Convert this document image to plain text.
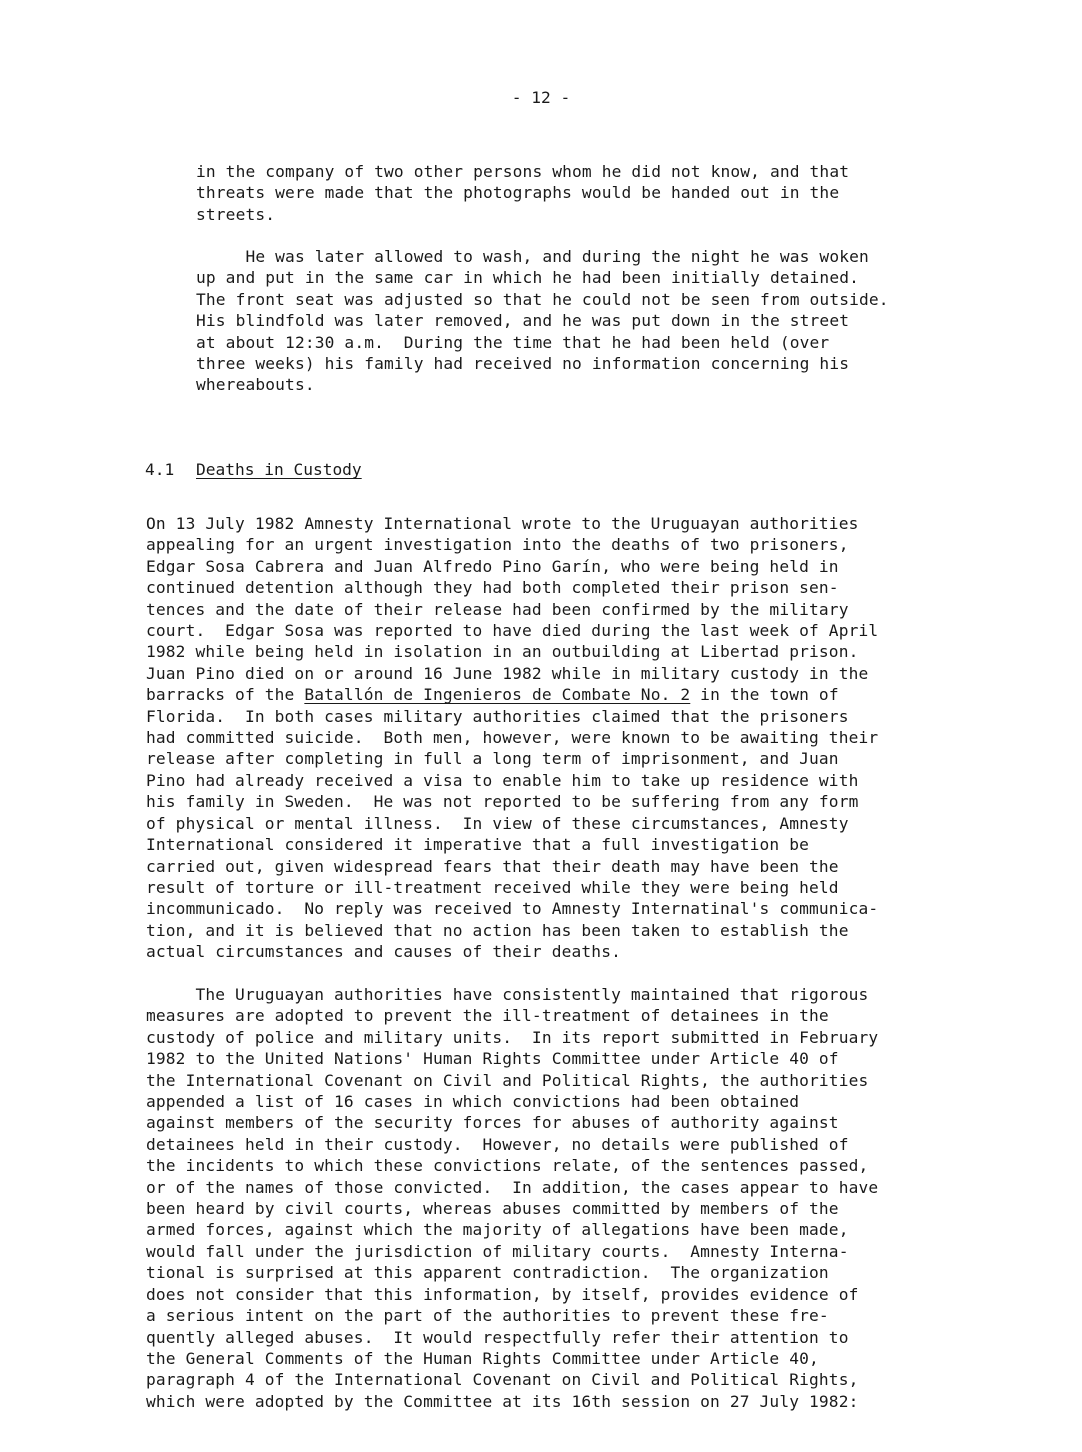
- 12 -
in the company of two other persons whom he did not know, and that
threats were made that the photographs would be handed out in the
streets.
He was later allowed to wash, and during the night he was woken
up and put in the same car in which he had been initially detained.
The front seat was adjusted so that he could not be seen from outside.
His blindfold was later removed, and he was put down in the street
at about 12:30 a.m.  During the time that he had been held (over
three weeks) his family had received no information concerning his
whereabouts.
4.1 Deaths in Custody
On 13 July 1982 Amnesty International wrote to the Uruguayan authorities
appealing for an urgent investigation into the deaths of two prisoners,
Edgar Sosa Cabrera and Juan Alfredo Pino Garín, who were being held in
continued detention although they had both completed their prison sen-
tences and the date of their release had been confirmed by the military
court.  Edgar Sosa was reported to have died during the last week of April
1982 while being held in isolation in an outbuilding at Libertad prison.
Juan Pino died on or around 16 June 1982 while in military custody in the
barracks of the Batallón de Ingenieros de Combate No. 2 in the town of
Florida.  In both cases military authorities claimed that the prisoners
had committed suicide.  Both men, however, were known to be awaiting their
release after completing in full a long term of imprisonment, and Juan
Pino had already received a visa to enable him to take up residence with
his family in Sweden.  He was not reported to be suffering from any form
of physical or mental illness.  In view of these circumstances, Amnesty
International considered it imperative that a full investigation be
carried out, given widespread fears that their death may have been the
result of torture or ill-treatment received while they were being held
incommunicado.  No reply was received to Amnesty Internatinal's communica-
tion, and it is believed that no action has been taken to establish the
actual circumstances and causes of their deaths.
The Uruguayan authorities have consistently maintained that rigorous
measures are adopted to prevent the ill-treatment of detainees in the
custody of police and military units.  In its report submitted in February
1982 to the United Nations' Human Rights Committee under Article 40 of
the International Covenant on Civil and Political Rights, the authorities
appended a list of 16 cases in which convictions had been obtained
against members of the security forces for abuses of authority against
detainees held in their custody.  However, no details were published of
the incidents to which these convictions relate, of the sentences passed,
or of the names of those convicted.  In addition, the cases appear to have
been heard by civil courts, whereas abuses committed by members of the
armed forces, against which the majority of allegations have been made,
would fall under the jurisdiction of military courts.  Amnesty Interna-
tional is surprised at this apparent contradiction.  The organization
does not consider that this information, by itself, provides evidence of
a serious intent on the part of the authorities to prevent these fre-
quently alleged abuses.  It would respectfully refer their attention to
the General Comments of the Human Rights Committee under Article 40,
paragraph 4 of the International Covenant on Civil and Political Rights,
which were adopted by the Committee at its 16th session on 27 July 1982:
